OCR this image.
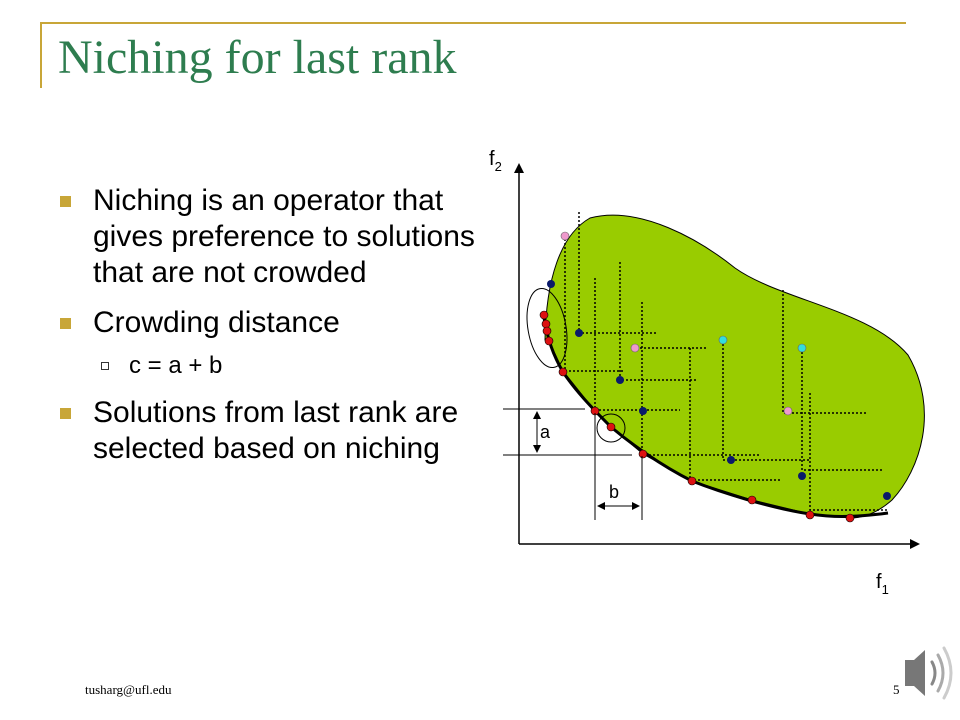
Niching for last rank
Niching is an operator that gives preference to solutions that are not crowded
Crowding distance
c = a + b
Solutions from last rank are selected based on niching	a
b
$f_2$
$f_1$
tusharg@ufl.edu	5
